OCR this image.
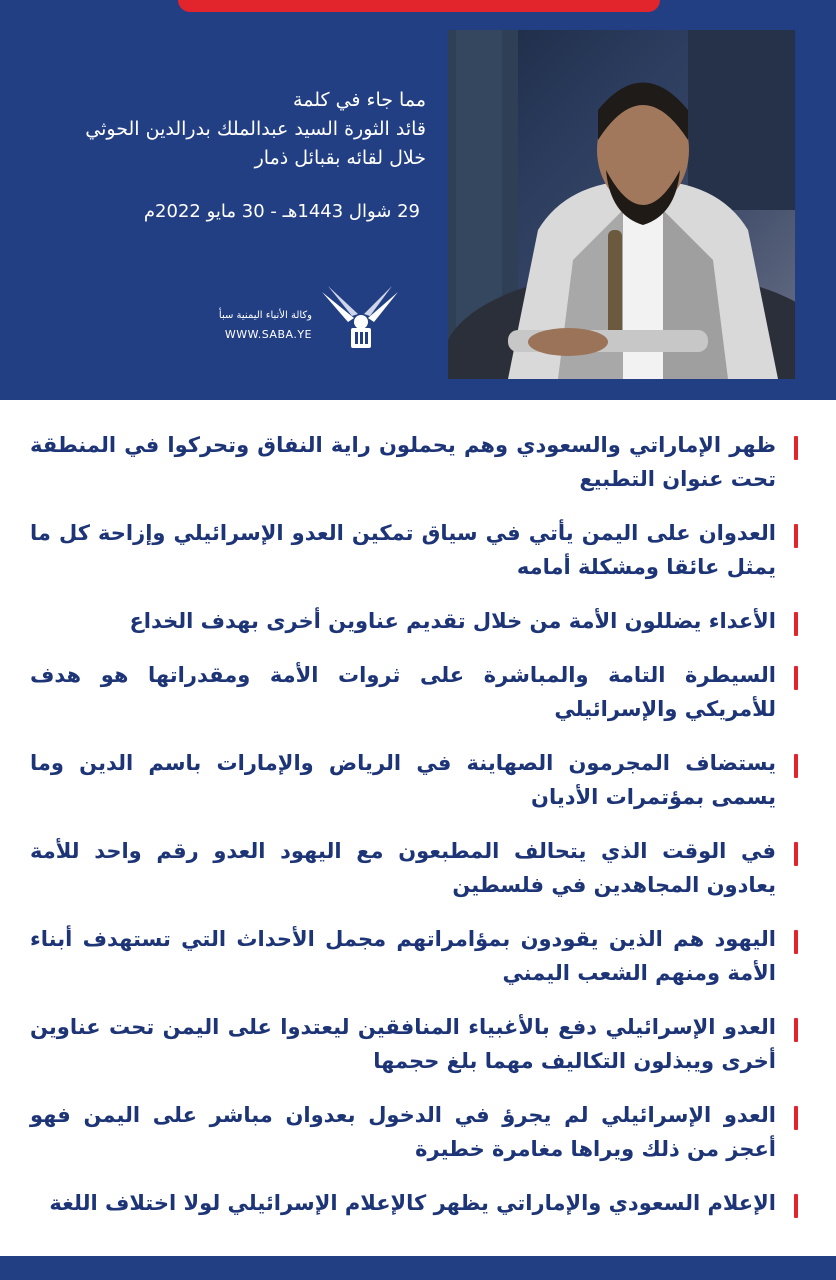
مما جاء في كلمة
قائد الثورة السيد عبدالملك بدرالدين الحوثي
خلال لقائه بقبائل ذمار
29 شوال 1443هـ - 30 مايو 2022م
وكالة الأنباء اليمنية سبأ
WWW.SABA.YE
ظهر الإماراتي والسعودي وهم يحملون راية النفاق وتحركوا في المنطقة تحت عنوان التطبيع
العدوان على اليمن يأتي في سياق تمكين العدو الإسرائيلي وإزاحة كل ما يمثل عائقا ومشكلة أمامه
الأعداء يضللون الأمة من خلال تقديم عناوين أخرى بهدف الخداع
السيطرة التامة والمباشرة على ثروات الأمة ومقدراتها هو هدف للأمريكي والإسرائيلي
يستضاف المجرمون الصهاينة في الرياض والإمارات باسم الدين وما يسمى بمؤتمرات الأديان
في الوقت الذي يتحالف المطبعون مع اليهود العدو رقم واحد للأمة يعادون المجاهدين في فلسطين
اليهود هم الذين يقودون بمؤامراتهم مجمل الأحداث التي تستهدف أبناء الأمة ومنهم الشعب اليمني
العدو الإسرائيلي دفع بالأغبياء المنافقين ليعتدوا على اليمن تحت عناوين أخرى ويبذلون التكاليف مهما بلغ حجمها
العدو الإسرائيلي لم يجرؤ في الدخول بعدوان مباشر على اليمن فهو أعجز من ذلك ويراها مغامرة خطيرة
الإعلام السعودي والإماراتي يظهر كالإعلام الإسرائيلي لولا اختلاف اللغة
